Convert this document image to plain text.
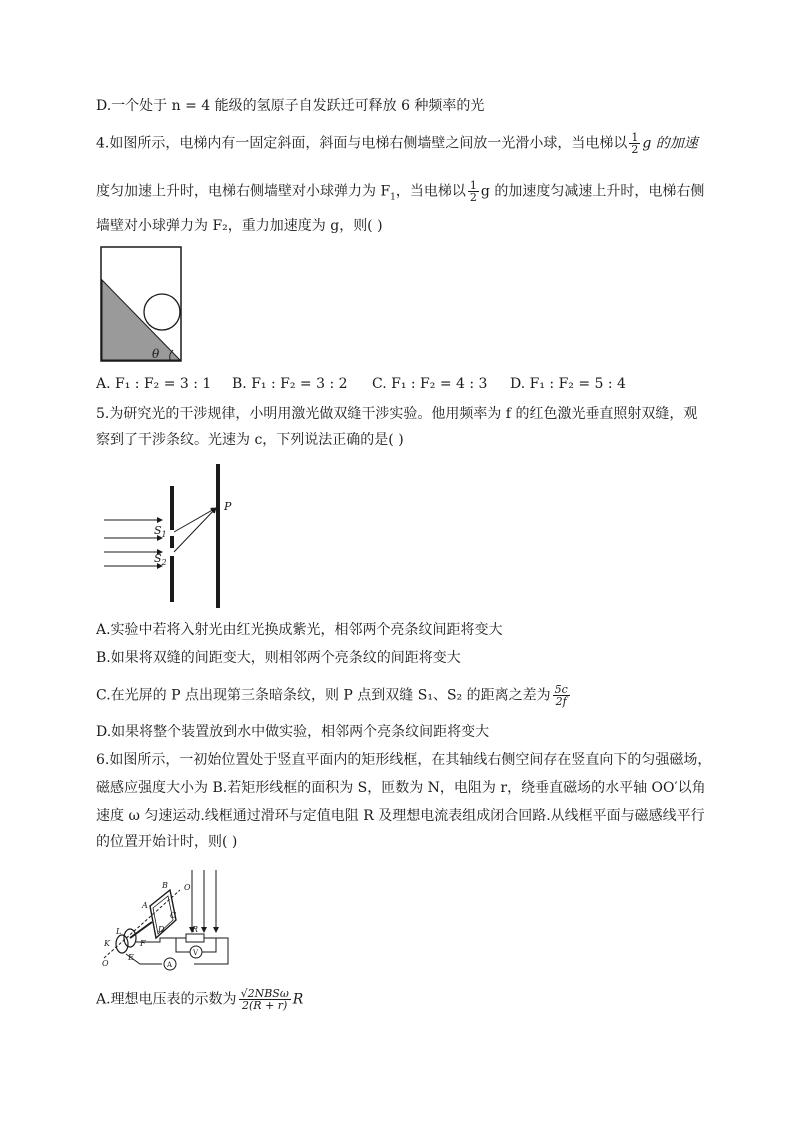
D.一个处于 n = 4 能级的氢原子自发跃迁可释放 6 种频率的光
4.如图所示，电梯内有一固定斜面，斜面与电梯右侧墙壁之间放一光滑小球，当电梯以 $\frac{1}{2}$ g 的加速
度匀加速上升时，电梯右侧墙壁对小球弹力为 $F_1$，当电梯以 $\frac{1}{2}$ g 的加速度匀减速上升时，电梯右侧
墙壁对小球弹力为 F₂，重力加速度为 g，则( )
θ
A. F₁ : F₂ = 3 : 1 B. F₁ : F₂ = 3 : 2 C. F₁ : F₂ = 4 : 3 D. F₁ : F₂ = 5 : 4
5.为研究光的干涉规律，小明用激光做双缝干涉实验。他用频率为 f 的红色激光垂直照射双缝，观
察到了干涉条纹。光速为 c，下列说法正确的是( )
$S_1$
$S_2$
P
A.实验中若将入射光由红光换成紫光，相邻两个亮条纹间距将变大
B.如果将双缝的间距变大，则相邻两个亮条纹的间距将变大
C.在光屏的 P 点出现第三条暗条纹，则 P 点到双缝 S₁、S₂ 的距离之差为 $\frac{5c}{2f}$
D.如果将整个装置放到水中做实验，相邻两个亮条纹间距将变大
6.如图所示，一初始位置处于竖直平面内的矩形线框，在其轴线右侧空间存在竖直向下的匀强磁场，
磁感应强度大小为 B.若矩形线框的面积为 S，匝数为 N，电阻为 r，绕垂直磁场的水平轴 OO′以角
速度 ω 匀速运动.线框通过滑环与定值电阻 R 及理想电流表组成闭合回路.从线框平面与磁感线平行
的位置开始计时，则( )
B O
A
C
D
L
K	F
E
O
R
V
A
A.理想电压表的示数为 $\frac{\text{√2NBSω}}{2(R + r)}$ R
